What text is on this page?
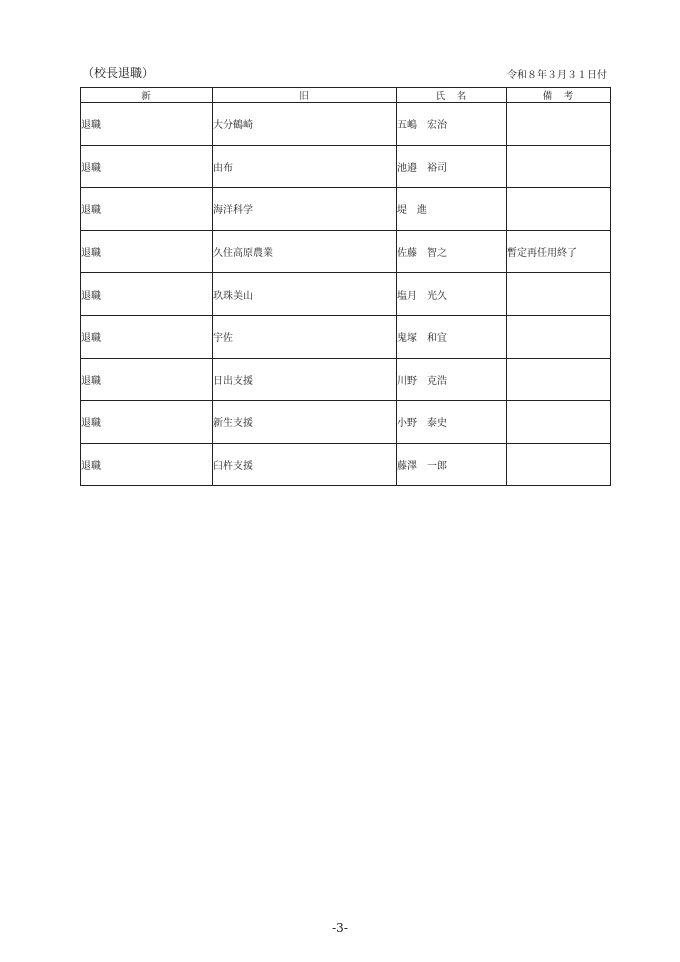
（校長退職）	令和８年３月３１日付
新	旧	氏　名	備　考
退職	大分鶴崎	五嶋　宏治	
退職	由布	池邉　裕司	
退職	海洋科学	堤　進	
退職	久住高原農業	佐藤　智之	暫定再任用終了
退職	玖珠美山	塩月　光久	
退職	宇佐	鬼塚　和宜	
退職	日出支援	川野　克浩	
退職	新生支援	小野　泰史	
退職	臼杵支援	藤澤　一郎	
-3-
